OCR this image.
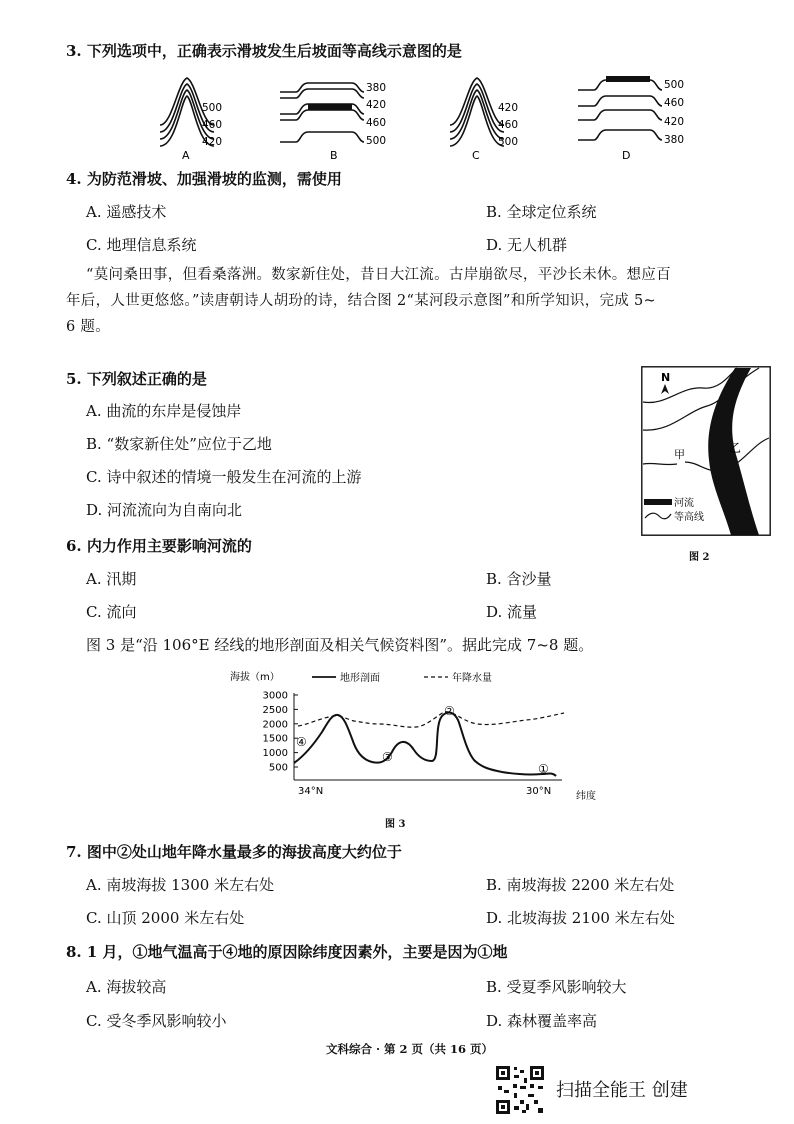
3. 下列选项中，正确表示滑坡发生后坡面等高线示意图的是
500
460
420
A
380
420
460
500
B
420
460
500
C
500
460
420
380
D
4. 为防范滑坡、加强滑坡的监测，需使用
A. 遥感技术	B. 全球定位系统
C. 地理信息系统	D. 无人机群
“莫问桑田事，但看桑落洲。数家新住处，昔日大江流。古岸崩欲尽，平沙长未休。想应百
年后，人世更悠悠。”读唐朝诗人胡玢的诗，结合图 2“某河段示意图”和所学知识，完成 5~
6 题。
5. 下列叙述正确的是
A. 曲流的东岸是侵蚀岸
B. “数家新住处”应位于乙地
C. 诗中叙述的情境一般发生在河流的上游
D. 河流流向为自南向北
N
甲	乙
河流
等高线
图 2
6. 内力作用主要影响河流的
A. 汛期	B. 含沙量
C. 流向	D. 流量
图 3 是“沿 106°E 经线的地形剖面及相关气候资料图”。据此完成 7~8 题。
海拔（m）	地形剖面	年降水量
3000
2500
2000
1500
1000
500
④
②
③
①
34°N	30°N 纬度
图 3
7. 图中②处山地年降水量最多的海拔高度大约位于
A. 南坡海拔 1300 米左右处	B. 南坡海拔 2200 米左右处
C. 山顶 2000 米左右处	D. 北坡海拔 2100 米左右处
8. 1 月，①地气温高于④地的原因除纬度因素外，主要是因为①地
A. 海拔较高	B. 受夏季风影响较大
C. 受冬季风影响较小	D. 森林覆盖率高
文科综合 · 第 2 页（共 16 页）
扫描全能王 创建
